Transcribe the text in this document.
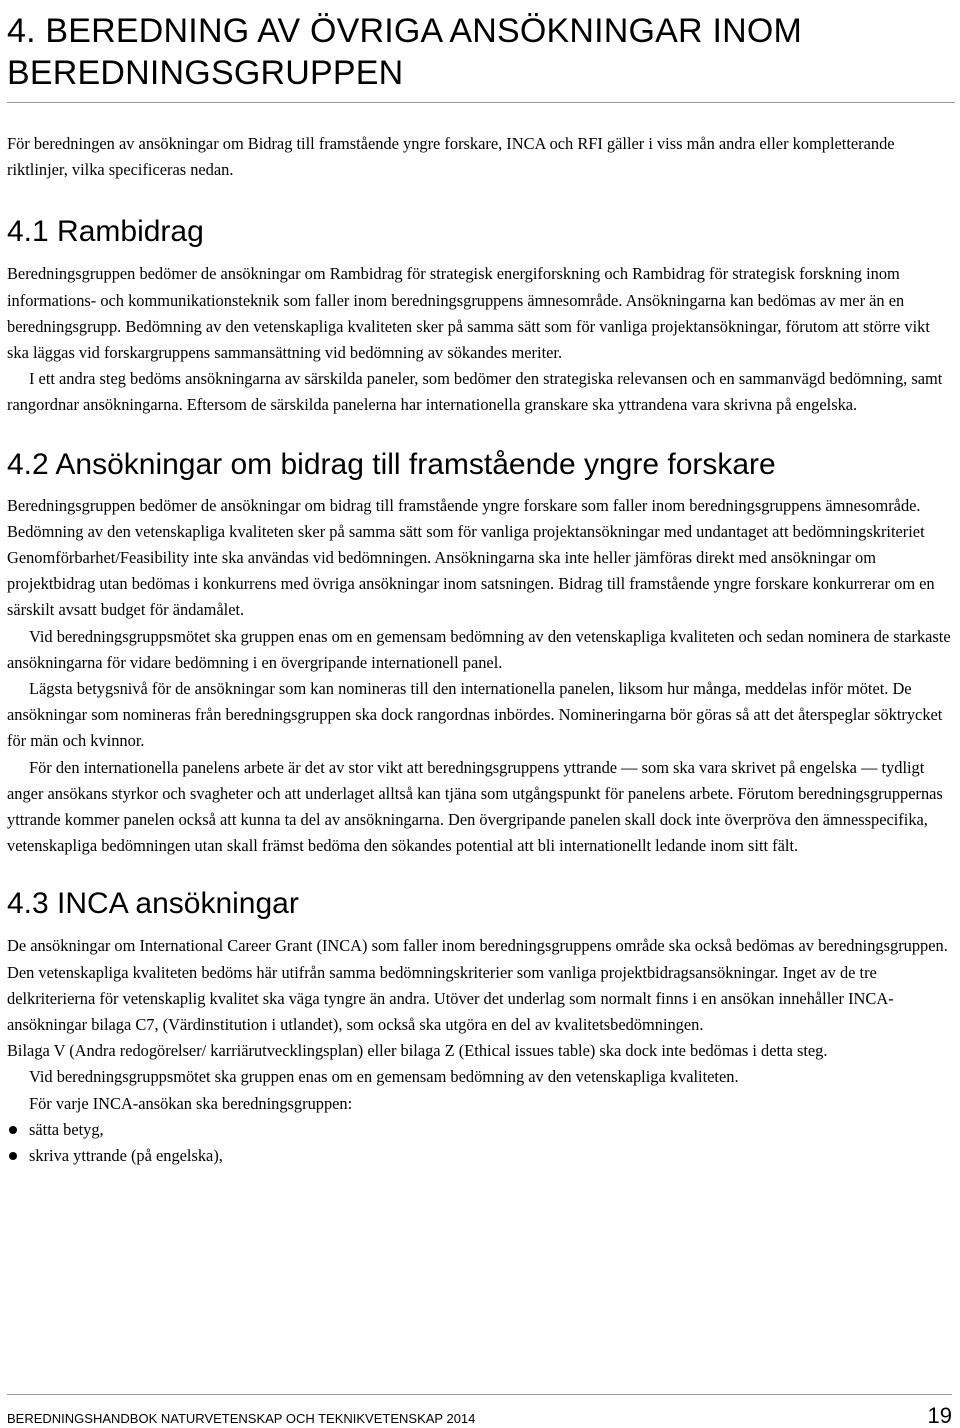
4. BEREDNING AV ÖVRIGA ANSÖKNINGAR INOM BEREDNINGSGRUPPEN

För beredningen av ansökningar om Bidrag till framstående yngre forskare, INCA och RFI gäller i viss mån andra eller kompletterande riktlinjer, vilka specificeras nedan.

4.1 Rambidrag

Beredningsgruppen bedömer de ansökningar om Rambidrag för strategisk energiforskning och Rambidrag för strategisk forskning inom informations- och kommunikationsteknik som faller inom beredningsgruppens ämnesområde. Ansökningarna kan bedömas av mer än en beredningsgrupp. Bedömning av den vetenskapliga kvaliteten sker på samma sätt som för vanliga projektansökningar, förutom att större vikt ska läggas vid forskargruppens sammansättning vid bedömning av sökandes meriter.

I ett andra steg bedöms ansökningarna av särskilda paneler, som bedömer den strategiska relevansen och en sammanvägd bedömning, samt rangordnar ansökningarna. Eftersom de särskilda panelerna har internationella granskare ska yttrandena vara skrivna på engelska.

4.2 Ansökningar om bidrag till framstående yngre forskare

Beredningsgruppen bedömer de ansökningar om bidrag till framstående yngre forskare som faller inom beredningsgruppens ämnesområde. Bedömning av den vetenskapliga kvaliteten sker på samma sätt som för vanliga projektansökningar med undantaget att bedömningskriteriet Genomförbarhet/Feasibility inte ska användas vid bedömningen. Ansökningarna ska inte heller jämföras direkt med ansökningar om projektbidrag utan bedömas i konkurrens med övriga ansökningar inom satsningen. Bidrag till framstående yngre forskare konkurrerar om en särskilt avsatt budget för ändamålet.

Vid beredningsgruppsmötet ska gruppen enas om en gemensam bedömning av den vetenskapliga kvaliteten och sedan nominera de starkaste ansökningarna för vidare bedömning i en övergripande internationell panel.

Lägsta betygsnivå för de ansökningar som kan nomineras till den internationella panelen, liksom hur många, meddelas inför mötet. De ansökningar som nomineras från beredningsgruppen ska dock rangordnas inbördes. Nomineringarna bör göras så att det återspeglar söktrycket för män och kvinnor.

För den internationella panelens arbete är det av stor vikt att beredningsgruppens yttrande — som ska vara skrivet på engelska — tydligt anger ansökans styrkor och svagheter och att underlaget alltså kan tjäna som utgångspunkt för panelens arbete. Förutom beredningsgruppernas yttrande kommer panelen också att kunna ta del av ansökningarna. Den övergripande panelen skall dock inte överpröva den ämnesspecifika, vetenskapliga bedömningen utan skall främst bedöma den sökandes potential att bli internationellt ledande inom sitt fält.

4.3 INCA ansökningar

De ansökningar om International Career Grant (INCA) som faller inom beredningsgruppens område ska också bedömas av beredningsgruppen. Den vetenskapliga kvaliteten bedöms här utifrån samma bedömningskriterier som vanliga projektbidragsansökningar. Inget av de tre delkriterierna för vetenskaplig kvalitet ska väga tyngre än andra. Utöver det underlag som normalt finns i en ansökan innehåller INCA-ansökningar bilaga C7, (Värdinstitution i utlandet), som också ska utgöra en del av kvalitetsbedömningen.

Bilaga V (Andra redogörelser/ karriärutvecklingsplan) eller bilaga Z (Ethical issues table) ska dock inte bedömas i detta steg.

Vid beredningsgruppsmötet ska gruppen enas om en gemensam bedömning av den vetenskapliga kvaliteten.

För varje INCA-ansökan ska beredningsgruppen:

sätta betyg,
skriva yttrande (på engelska),
BEREDNINGSHANDBOK NATURVETENSKAP OCH TEKNIKVETENSKAP 2014	19
